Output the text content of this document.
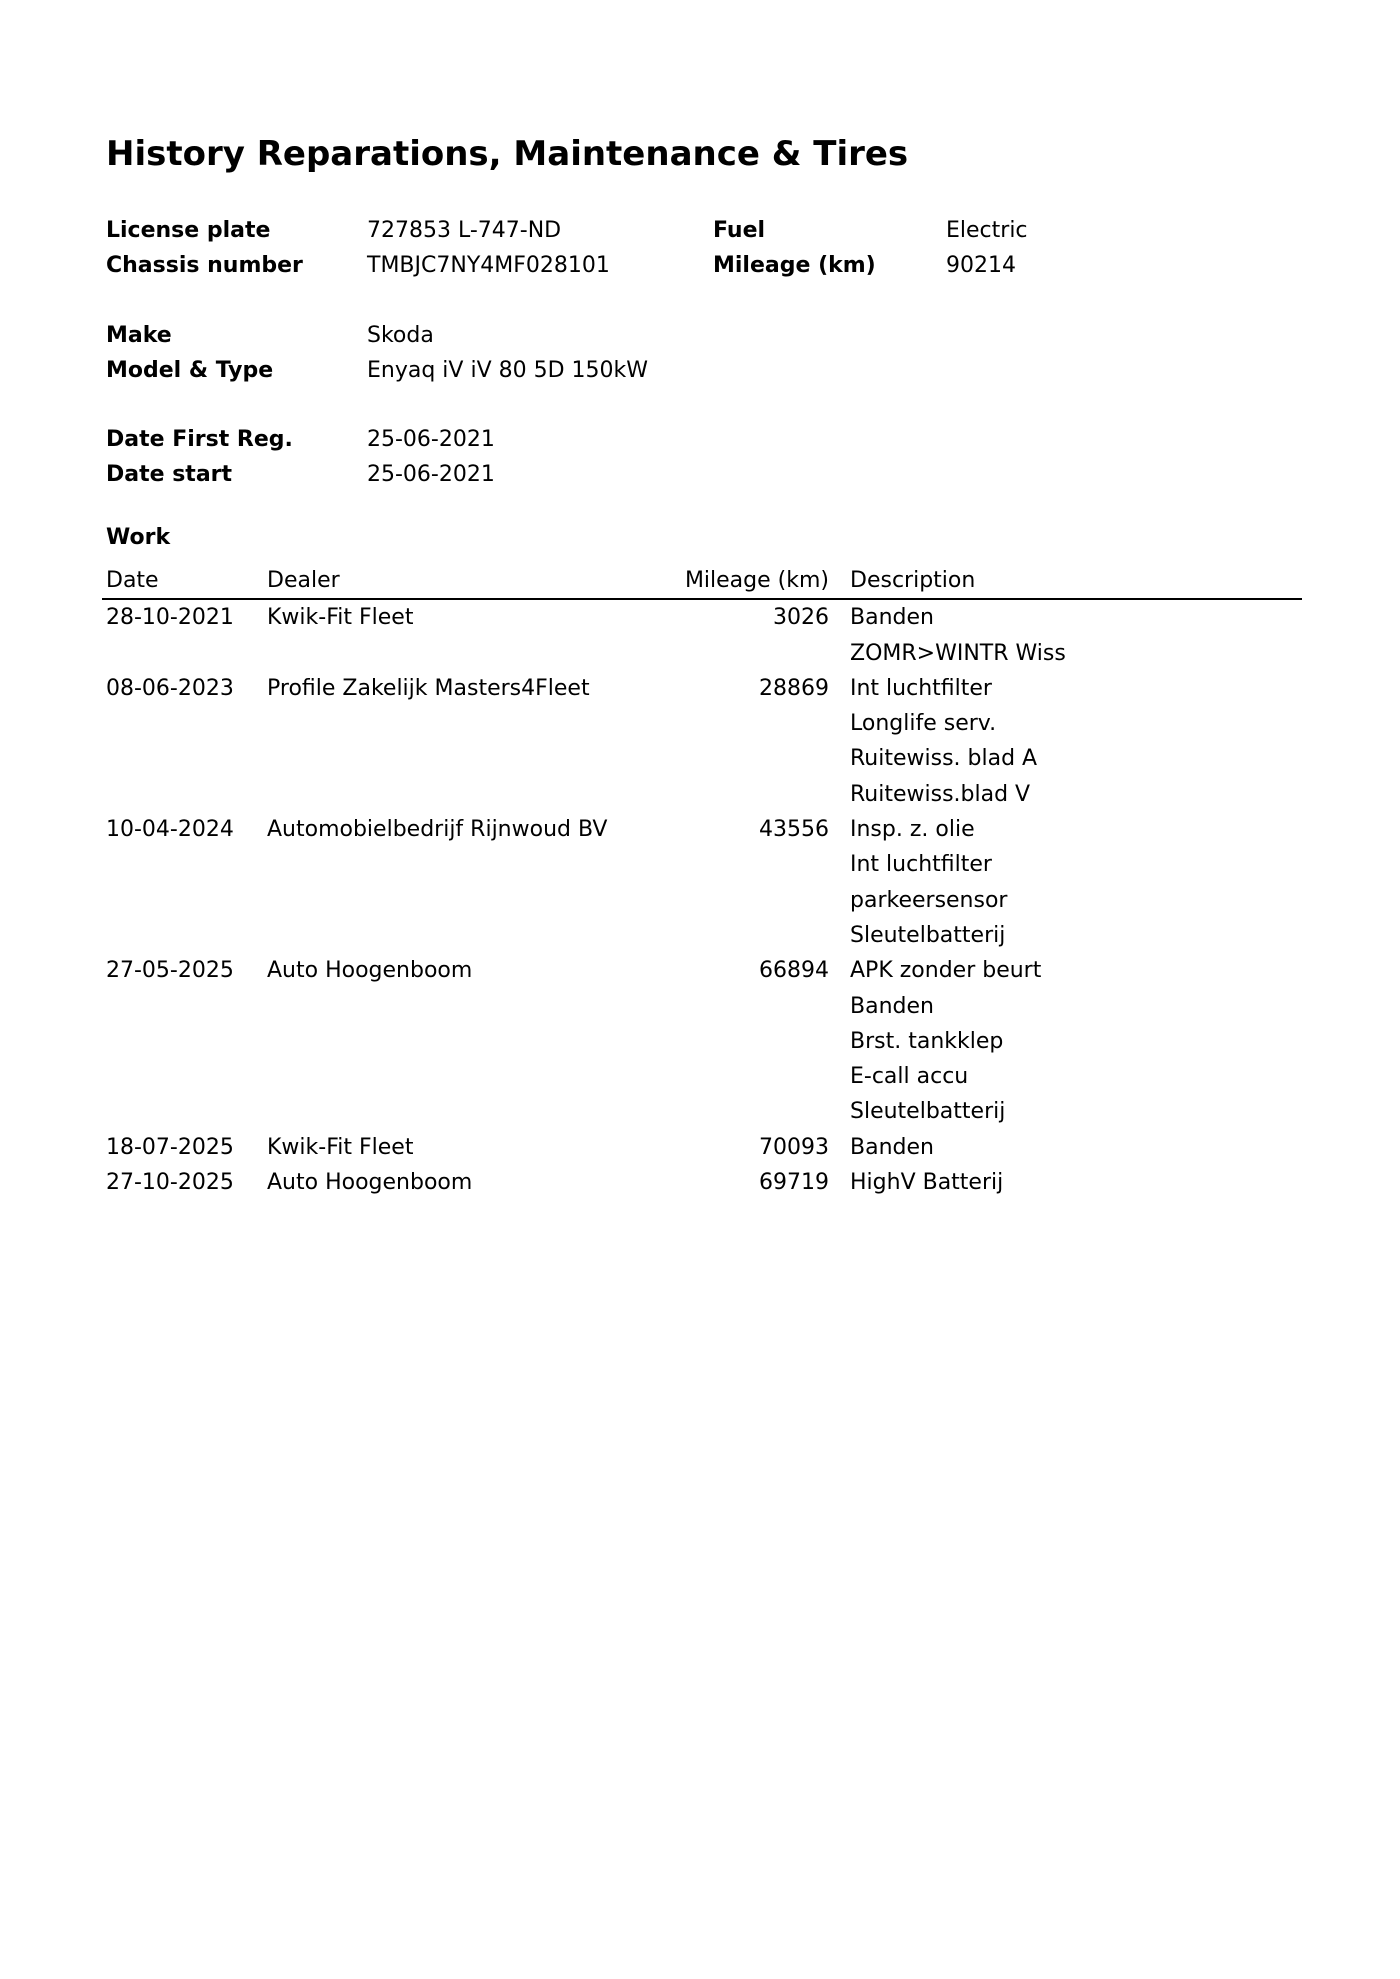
History Reparations, Maintenance & Tires
License plate	727853 L-747-ND	Fuel	Electric
Chassis number	TMBJC7NY4MF028101	Mileage (km)	90214
Make	Skoda
Model & Type	Enyaq iV iV 80 5D 150kW
Date First Reg.	25-06-2021
Date start	25-06-2021
Work
Date	Dealer	Mileage (km)	Description
28-10-2021	Kwik-Fit Fleet	3026	Banden
			ZOMR>WINTR Wiss
08-06-2023	Profile Zakelijk Masters4Fleet	28869	Int luchtfilter
			Longlife serv.
			Ruitewiss. blad A
			Ruitewiss.blad V
10-04-2024	Automobielbedrijf Rijnwoud BV	43556	Insp. z. olie
			Int luchtfilter
			parkeersensor
			Sleutelbatterij
27-05-2025	Auto Hoogenboom	66894	APK zonder beurt
			Banden
			Brst. tankklep
			E-call accu
			Sleutelbatterij
18-07-2025	Kwik-Fit Fleet	70093	Banden
27-10-2025	Auto Hoogenboom	69719	HighV Batterij
